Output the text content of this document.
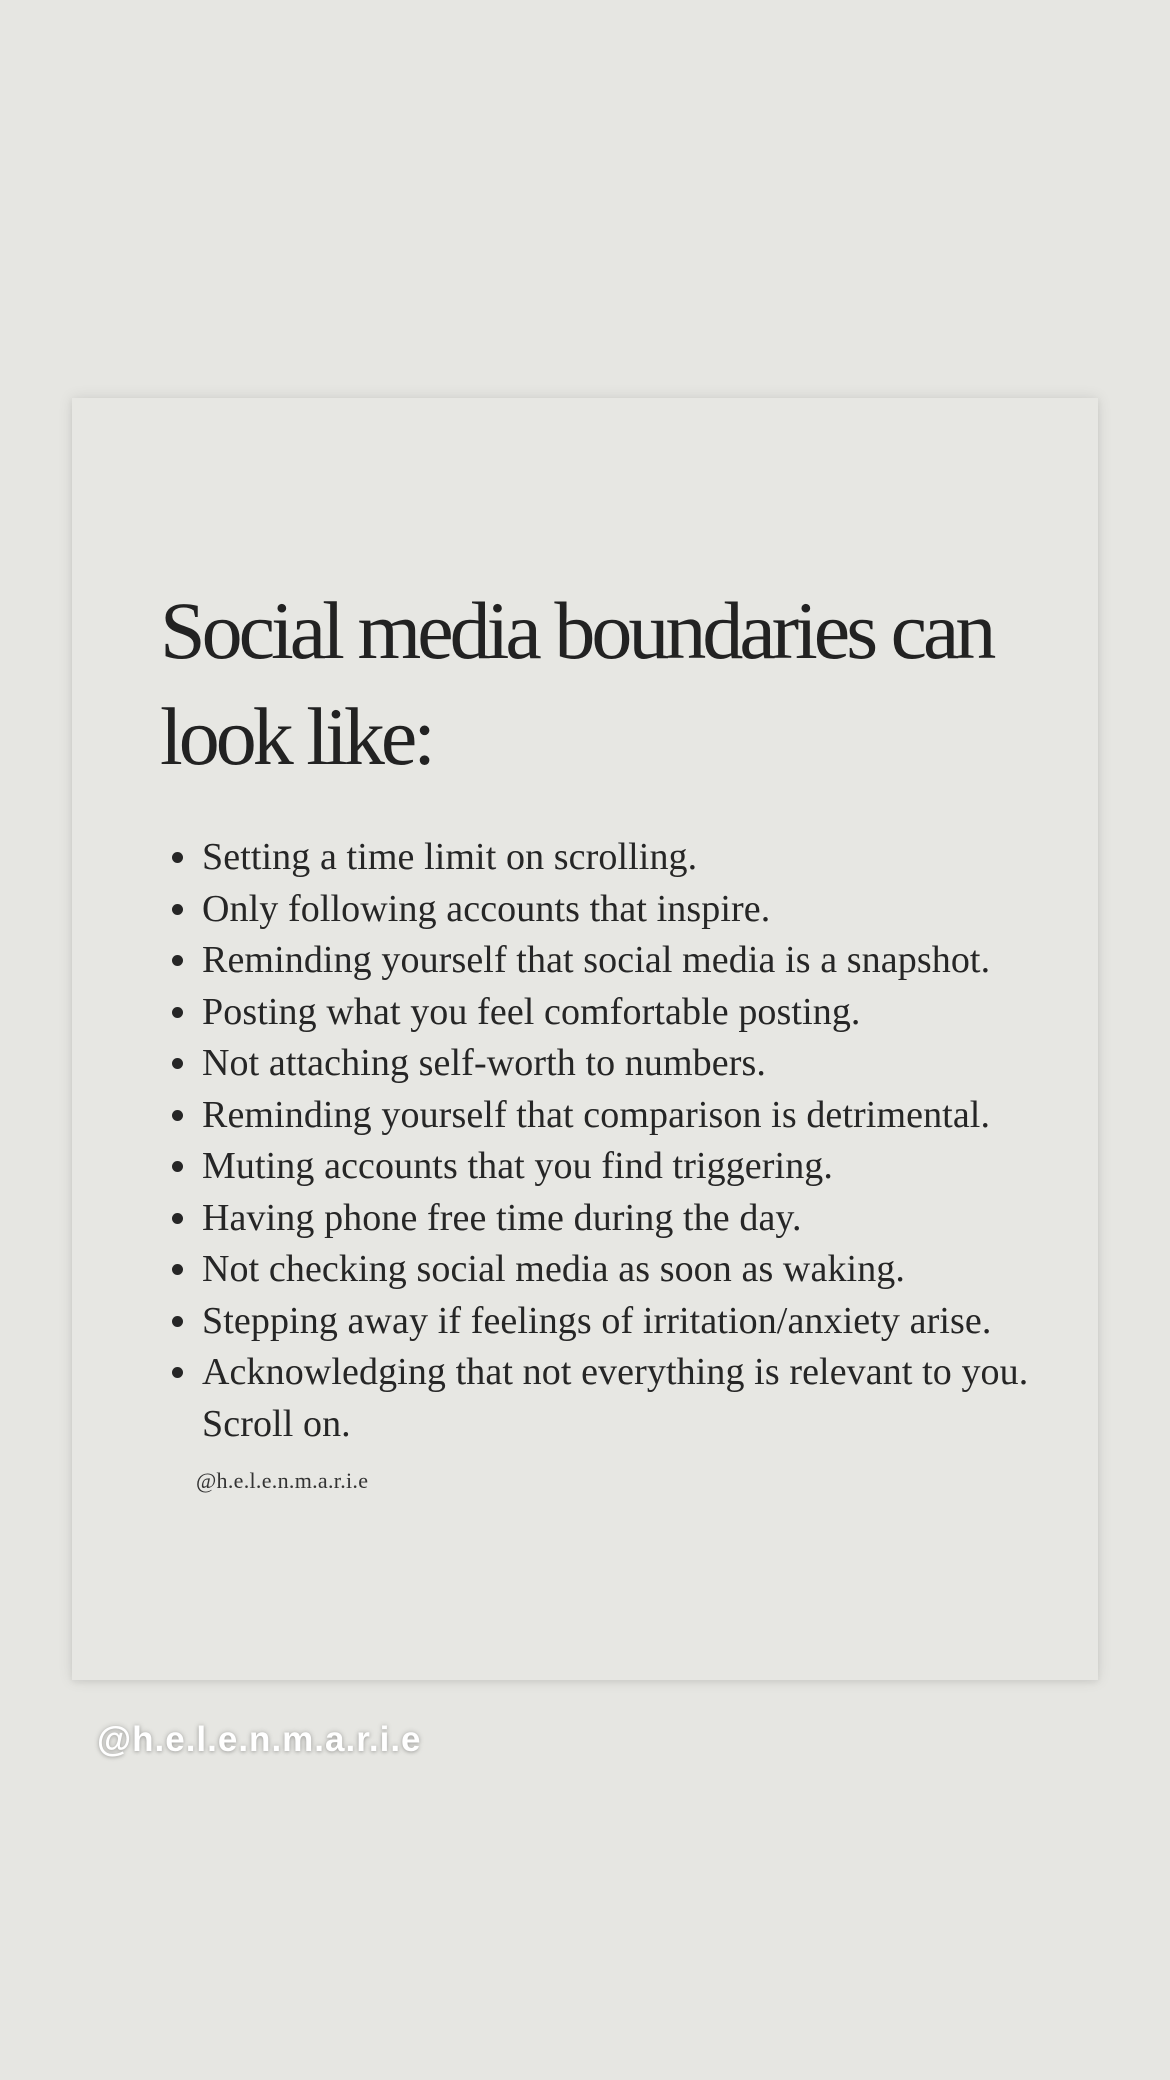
Social media boundaries can
look like:
Setting a time limit on scrolling.
Only following accounts that inspire.
Reminding yourself that social media is a snapshot.
Posting what you feel comfortable posting.
Not attaching self-worth to numbers.
Reminding yourself that comparison is detrimental.
Muting accounts that you find triggering.
Having phone free time during the day.
Not checking social media as soon as waking.
Stepping away if feelings of irritation/anxiety arise.
Acknowledging that not everything is relevant to you. Scroll on.
@h.e.l.e.n.m.a.r.i.e
@h.e.l.e.n.m.a.r.i.e
